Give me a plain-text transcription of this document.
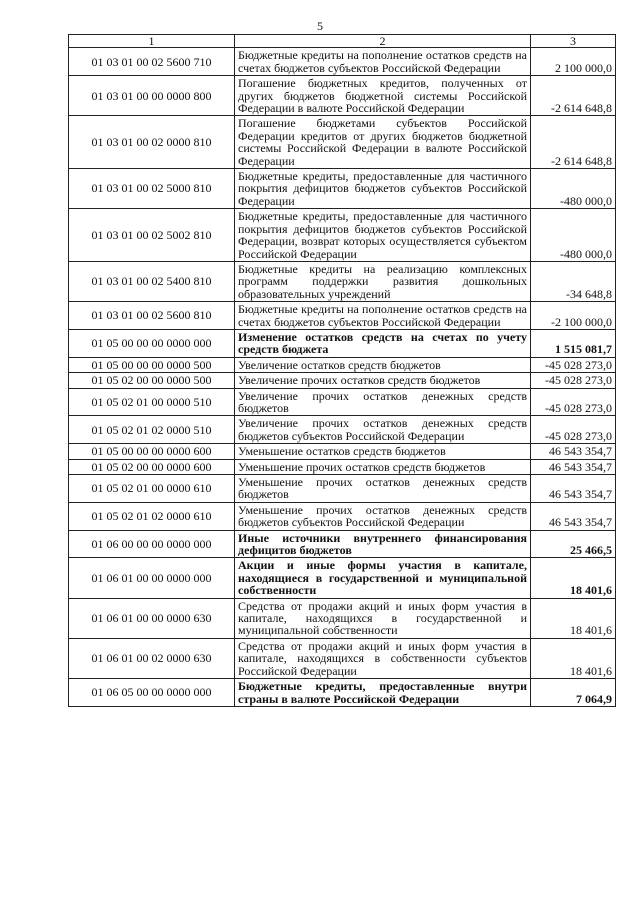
5
1	2	3
01 03 01 00 02 5600 710	Бюджетные кредиты на пополнение остатков средств на счетах бюджетов субъектов Российской Федерации	2 100 000,0
01 03 01 00 00 0000 800	Погашение бюджетных кредитов, полученных от других бюджетов бюджетной системы Российской Федерации в валюте Российской Федерации	-2 614 648,8
01 03 01 00 02 0000 810	Погашение бюджетами субъектов Российской Федерации кредитов от других бюджетов бюджетной системы Российской Федерации в валюте Российской Федерации	-2 614 648,8
01 03 01 00 02 5000 810	Бюджетные кредиты, предоставленные для частичного покрытия дефицитов бюджетов субъектов Российской Федерации	-480 000,0
01 03 01 00 02 5002 810	Бюджетные кредиты, предоставленные для частичного покрытия дефицитов бюджетов субъектов Российской Федерации, возврат которых осуществляется субъектом Российской Федерации	-480 000,0
01 03 01 00 02 5400 810	Бюджетные кредиты на реализацию комплексных программ поддержки развития дошкольных образовательных учреждений	-34 648,8
01 03 01 00 02 5600 810	Бюджетные кредиты на пополнение остатков средств на счетах бюджетов субъектов Российской Федерации	-2 100 000,0
01 05 00 00 00 0000 000	Изменение остатков средств на счетах по учету средств бюджета	1 515 081,7
01 05 00 00 00 0000 500	Увеличение остатков средств бюджетов	-45 028 273,0
01 05 02 00 00 0000 500	Увеличение прочих остатков средств бюджетов	-45 028 273,0
01 05 02 01 00 0000 510	Увеличение прочих остатков денежных средств бюджетов	-45 028 273,0
01 05 02 01 02 0000 510	Увеличение прочих остатков денежных средств бюджетов субъектов Российской Федерации	-45 028 273,0
01 05 00 00 00 0000 600	Уменьшение остатков средств бюджетов	46 543 354,7
01 05 02 00 00 0000 600	Уменьшение прочих остатков средств бюджетов	46 543 354,7
01 05 02 01 00 0000 610	Уменьшение прочих остатков денежных средств бюджетов	46 543 354,7
01 05 02 01 02 0000 610	Уменьшение прочих остатков денежных средств бюджетов субъектов Российской Федерации	46 543 354,7
01 06 00 00 00 0000 000	Иные источники внутреннего финансирования дефицитов бюджетов	25 466,5
01 06 01 00 00 0000 000	Акции и иные формы участия в капитале, находящиеся в государственной и муниципальной собственности	18 401,6
01 06 01 00 00 0000 630	Средства от продажи акций и иных форм участия в капитале, находящихся в государственной и муниципальной собственности	18 401,6
01 06 01 00 02 0000 630	Средства от продажи акций и иных форм участия в капитале, находящихся в собственности субъектов Российской Федерации	18 401,6
01 06 05 00 00 0000 000	Бюджетные кредиты, предоставленные внутри страны в валюте Российской Федерации	7 064,9
